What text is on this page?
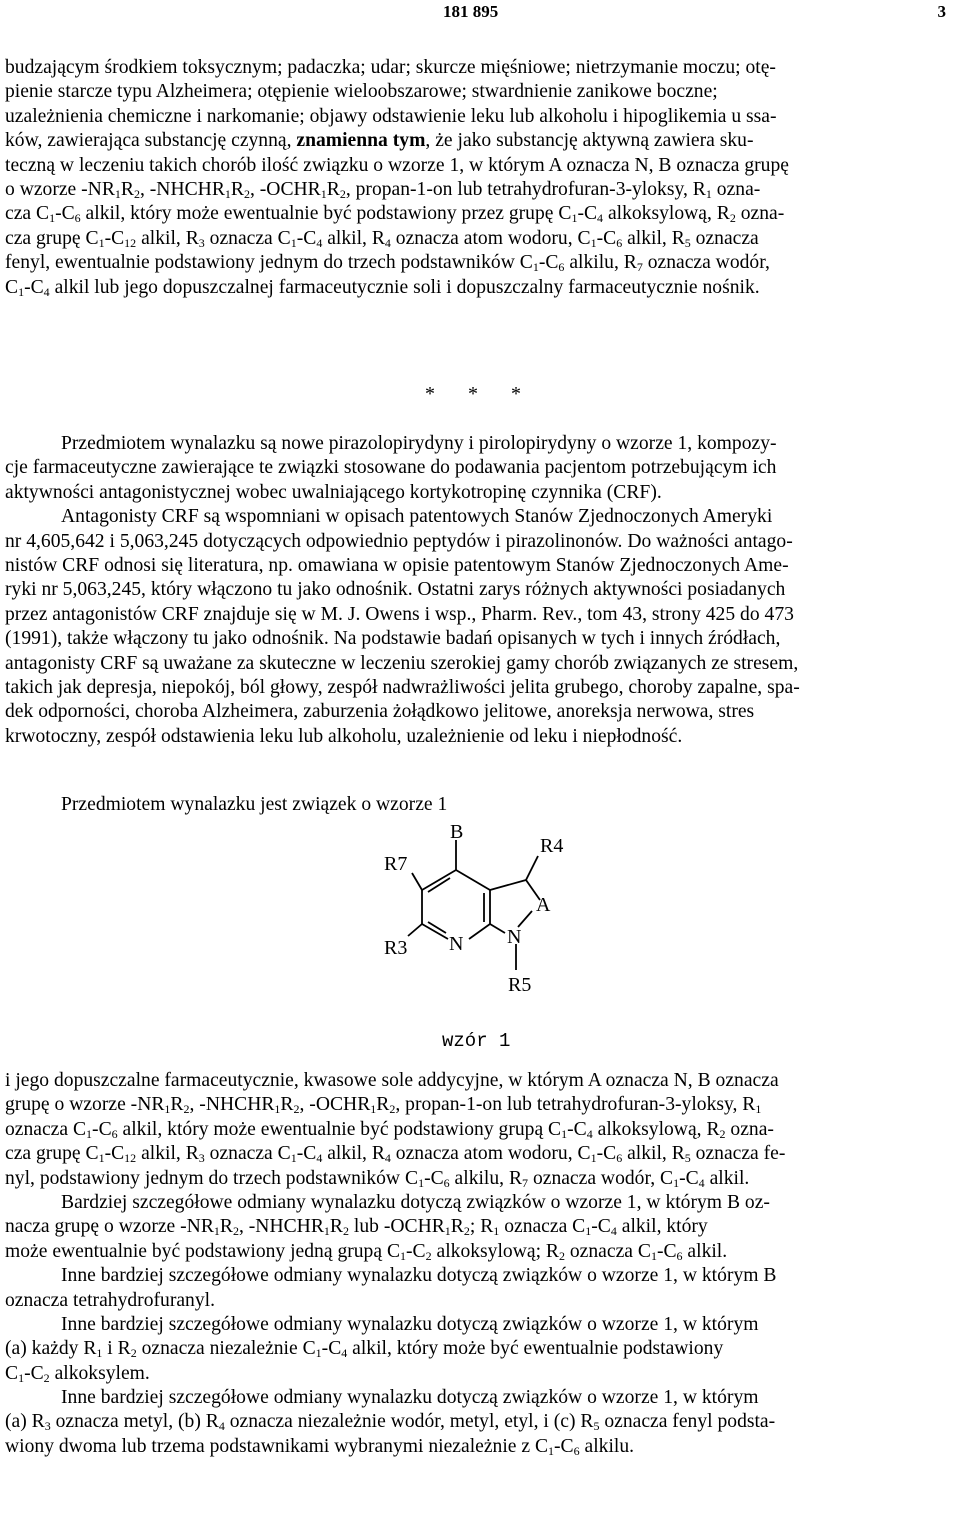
181 895	3
budzającym środkiem toksycznym; padaczka; udar; skurcze mięśniowe; nietrzymanie moczu; otę-
pienie starcze typu Alzheimera; otępienie wieloobszarowe; stwardnienie zanikowe boczne;
uzależnienia chemiczne i narkomanie; objawy odstawienie leku lub alkoholu i hipoglikemia u ssa-
ków, zawierająca substancję czynną, znamienna tym, że jako substancję aktywną zawiera sku-
teczną w leczeniu takich chorób ilość związku o wzorze 1, w którym A oznacza N, B oznacza grupę
o wzorze $-NR_1R_2$, $-NHCHR_1R_2$, $-OCHR_1R_2$, propan-1-on lub tetrahydrofuran-3-yloksy, $R_1$ ozna-
cza $C_1-C_6$ alkil, który może ewentualnie być podstawiony przez grupę $C_1-C_4$ alkoksylową, $R_2$ ozna-
cza grupę $C_1-C_{12}$ alkil, $R_3$ oznacza $C_1-C_4$ alkil, $R_4$ oznacza atom wodoru, $C_1-C_6$ alkil, $R_5$ oznacza
fenyl, ewentualnie podstawiony jednym do trzech podstawników $C_1-C_6$ alkilu, $R_7$ oznacza wodór,
$C_1-C_4$ alkil lub jego dopuszczalnej farmaceutycznie soli i dopuszczalny farmaceutycznie nośnik.
* * *
Przedmiotem wynalazku są nowe pirazolopirydyny i pirolopirydyny o wzorze 1, kompozy-
cje farmaceutyczne zawierające te związki stosowane do podawania pacjentom potrzebującym ich
aktywności antagonistycznej wobec uwalniającego kortykotropinę czynnika (CRF).
Antagonisty CRF są wspomniani w opisach patentowych Stanów Zjednoczonych Ameryki
nr 4,605,642 i 5,063,245 dotyczących odpowiednio peptydów i pirazolinonów. Do ważności antago-
nistów CRF odnosi się literatura, np. omawiana w opisie patentowym Stanów Zjednoczonych Ame-
ryki nr 5,063,245, który włączono tu jako odnośnik. Ostatni zarys różnych aktywności posiadanych
przez antagonistów CRF znajduje się w M. J. Owens i wsp., Pharm. Rev., tom 43, strony 425 do 473
(1991), także włączony tu jako odnośnik. Na podstawie badań opisanych w tych i innych źródłach,
antagonisty CRF są uważane za skuteczne w leczeniu szerokiej gamy chorób związanych ze stresem,
takich jak depresja, niepokój, ból głowy, zespół nadwrażliwości jelita grubego, choroby zapalne, spa-
dek odporności, choroba Alzheimera, zaburzenia żołądkowo jelitowe, anoreksja nerwowa, stres
krwotoczny, zespół odstawienia leku lub alkoholu, uzależnienie od leku i niepłodność.
Przedmiotem wynalazku jest związek o wzorze 1
B
R4
R7
A
R3 N N
R5
wzór 1
i jego dopuszczalne farmaceutycznie, kwasowe sole addycyjne, w którym A oznacza N, B oznacza
grupę o wzorze $-NR_1R_2$, $-NHCHR_1R_2$, $-OCHR_1R_2$, propan-1-on lub tetrahydrofuran-3-yloksy, $R_1$
oznacza $C_1-C_6$ alkil, który może ewentualnie być podstawiony grupą $C_1-C_4$ alkoksylową, $R_2$ ozna-
cza grupę $C_1-C_{12}$ alkil, $R_3$ oznacza $C_1-C_4$ alkil, $R_4$ oznacza atom wodoru, $C_1-C_6$ alkil, $R_5$ oznacza fe-
nyl, podstawiony jednym do trzech podstawników $C_1-C_6$ alkilu, $R_7$ oznacza wodór, $C_1-C_4$ alkil.
Bardziej szczegółowe odmiany wynalazku dotyczą związków o wzorze 1, w którym B oz-
nacza grupę o wzorze $-NR_1R_2$, $-NHCHR_1R_2$ lub $-OCHR_1R_2$; $R_1$ oznacza $C_1-C_4$ alkil, który
może ewentualnie być podstawiony jedną grupą $C_1-C_2$ alkoksylową; $R_2$ oznacza $C_1-C_6$ alkil.
Inne bardziej szczegółowe odmiany wynalazku dotyczą związków o wzorze 1, w którym B
oznacza tetrahydrofuranyl.
Inne bardziej szczegółowe odmiany wynalazku dotyczą związków o wzorze 1, w którym
(a) każdy $R_1$ i $R_2$ oznacza niezależnie $C_1-C_4$ alkil, który może być ewentualnie podstawiony
$C_1-C_2$ alkoksylem.
Inne bardziej szczegółowe odmiany wynalazku dotyczą związków o wzorze 1, w którym
(a) $R_3$ oznacza metyl, (b) $R_4$ oznacza niezależnie wodór, metyl, etyl, i (c) $R_5$ oznacza fenyl podsta-
wiony dwoma lub trzema podstawnikami wybranymi niezależnie z $C_1-C_6$ alkilu.
